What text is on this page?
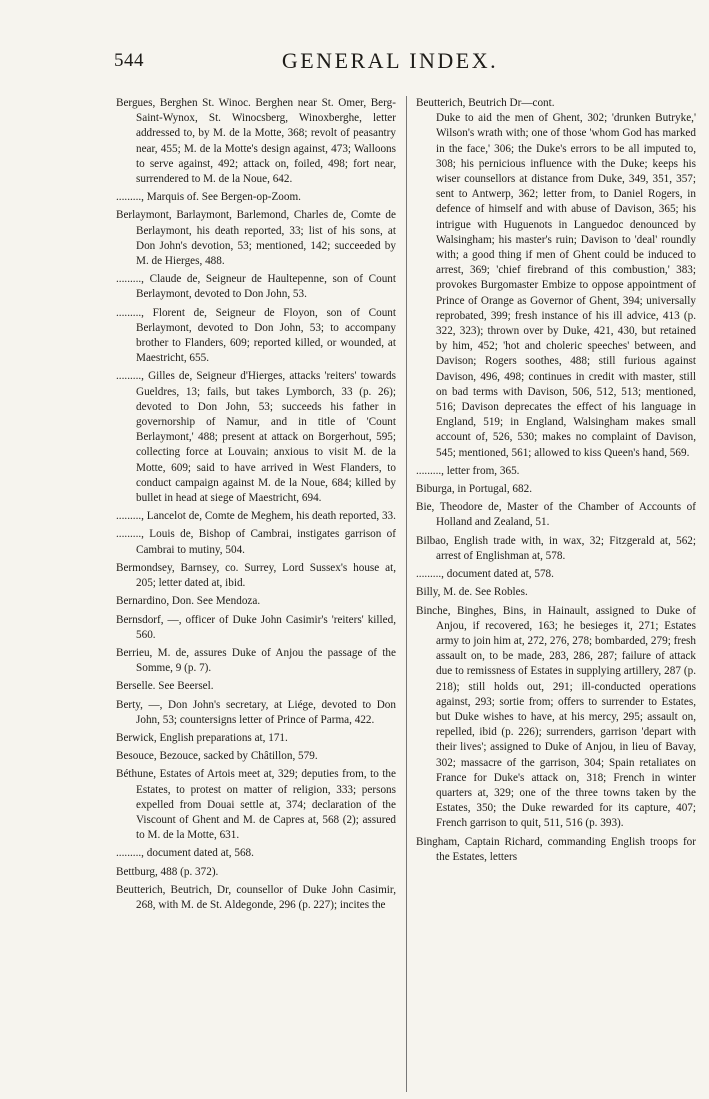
544	GENERAL INDEX.

Bergues, Berghen St. Winoc. Berghen near St. Omer, Berg-Saint-Wynox, St. Winocsberg, Winoxberghe, letter addressed to, by M. de la Motte, 368; revolt of peasantry near, 455; M. de la Motte's design against, 473; Walloons to serve against, 492; attack on, foiled, 498; fort near, surrendered to M. de la Noue, 642.

........., Marquis of. See Bergen-op-Zoom.

Berlaymont, Barlaymont, Barlemond, Charles de, Comte de Berlaymont, his death reported, 33; list of his sons, at Don John's devotion, 53; mentioned, 142; succeeded by M. de Hierges, 488.

........., Claude de, Seigneur de Haultepenne, son of Count Berlaymont, devoted to Don John, 53.

........., Florent de, Seigneur de Floyon, son of Count Berlaymont, devoted to Don John, 53; to accompany brother to Flanders, 609; reported killed, or wounded, at Maestricht, 655.

........., Gilles de, Seigneur d'Hierges, attacks 'reiters' towards Gueldres, 13; fails, but takes Lymborch, 33 (p. 26); devoted to Don John, 53; succeeds his father in governorship of Namur, and in title of 'Count Berlaymont,' 488; present at attack on Borgerhout, 595; collecting force at Louvain; anxious to visit M. de la Motte, 609; said to have arrived in West Flanders, to conduct campaign against M. de la Noue, 684; killed by bullet in head at siege of Maestricht, 694.

........., Lancelot de, Comte de Meghem, his death reported, 33.

........., Louis de, Bishop of Cambrai, instigates garrison of Cambrai to mutiny, 504.

Bermondsey, Barnsey, co. Surrey, Lord Sussex's house at, 205; letter dated at, ibid.

Bernardino, Don. See Mendoza.

Bernsdorf, —, officer of Duke John Casimir's 'reiters' killed, 560.

Berrieu, M. de, assures Duke of Anjou the passage of the Somme, 9 (p. 7).

Berselle. See Beersel.

Berty, —, Don John's secretary, at Liége, devoted to Don John, 53; countersigns letter of Prince of Parma, 422.

Berwick, English preparations at, 171.

Besouce, Bezouce, sacked by Châtillon, 579.

Béthune, Estates of Artois meet at, 329; deputies from, to the Estates, to protest on matter of religion, 333; persons expelled from Douai settle at, 374; declaration of the Viscount of Ghent and M. de Capres at, 568 (2); assured to M. de la Motte, 631.

........., document dated at, 568.

Bettburg, 488 (p. 372).

Beutterich, Beutrich, Dr, counsellor of Duke John Casimir, 268, with M. de St. Aldegonde, 296 (p. 227); incites the

Beutterich, Beutrich Dr—cont.

Duke to aid the men of Ghent, 302; 'drunken Butryke,' Wilson's wrath with; one of those 'whom God has marked in the face,' 306; the Duke's errors to be all imputed to, 308; his pernicious influence with the Duke; keeps his wiser counsellors at distance from Duke, 349, 351, 357; sent to Antwerp, 362; letter from, to Daniel Rogers, in defence of himself and with abuse of Davison, 365; his intrigue with Huguenots in Languedoc denounced by Walsingham; his master's ruin; Davison to 'deal' roundly with; a good thing if men of Ghent could be induced to arrest, 369; 'chief firebrand of this combustion,' 383; provokes Burgomaster Embize to oppose appointment of Prince of Orange as Governor of Ghent, 394; universally reprobated, 399; fresh instance of his ill advice, 413 (p. 322, 323); thrown over by Duke, 421, 430, but retained by him, 452; 'hot and choleric speeches' between, and Davison; Rogers soothes, 488; still furious against Davison, 496, 498; continues in credit with master, still on bad terms with Davison, 506, 512, 513; mentioned, 516; Davison deprecates the effect of his language in England, 519; in England, Walsingham makes small account of, 526, 530; makes no complaint of Davison, 545; mentioned, 561; allowed to kiss Queen's hand, 569.

........., letter from, 365.

Biburga, in Portugal, 682.

Bie, Theodore de, Master of the Chamber of Accounts of Holland and Zealand, 51.

Bilbao, English trade with, in wax, 32; Fitzgerald at, 562; arrest of Englishman at, 578.

........., document dated at, 578.

Billy, M. de. See Robles.

Binche, Binghes, Bins, in Hainault, assigned to Duke of Anjou, if recovered, 163; he besieges it, 271; Estates army to join him at, 272, 276, 278; bombarded, 279; fresh assault on, to be made, 283, 286, 287; failure of attack due to remissness of Estates in supplying artillery, 287 (p. 218); still holds out, 291; ill-conducted operations against, 293; sortie from; offers to surrender to Estates, but Duke wishes to have, at his mercy, 295; assault on, repelled, ibid (p. 226); surrenders, garrison 'depart with their lives'; assigned to Duke of Anjou, in lieu of Bavay, 302; massacre of the garrison, 304; Spain retaliates on France for Duke's attack on, 318; French in winter quarters at, 329; one of the three towns taken by the Estates, 350; the Duke rewarded for its capture, 407; French garrison to quit, 511, 516 (p. 393).

Bingham, Captain Richard, commanding English troops for the Estates, letters
